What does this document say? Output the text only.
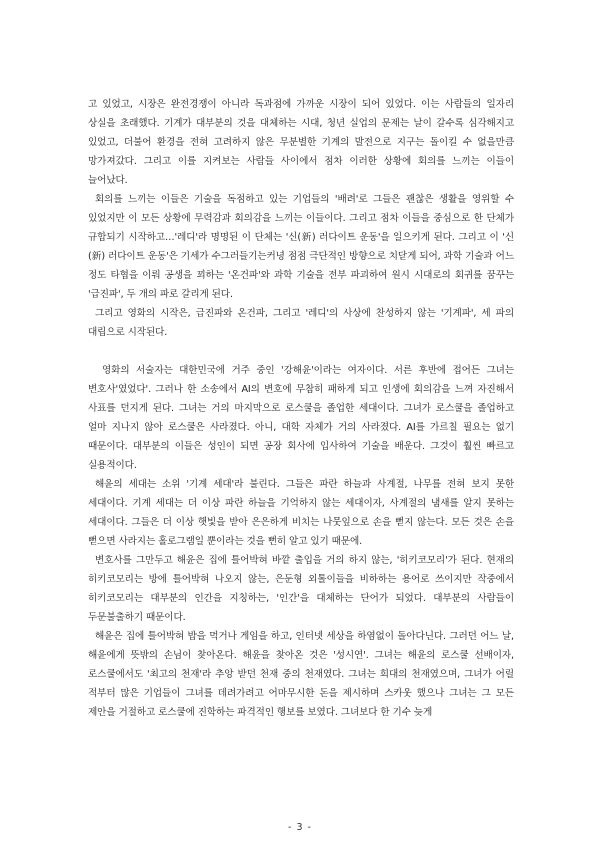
고 있었고, 시장은 완전경쟁이 아니라 독과점에 가까운 시장이 되어 있었다. 이는 사람들의 일자리 상실을 초래했다. 기계가 대부분의 것을 대체하는 시대, 청년 실업의 문제는 날이 갈수록 심각해지고 있었고, 더불어 환경을 전혀 고려하지 않은 무분별한 기계의 발전으로 지구는 돌이킬 수 없을만큼 망가져갔다. 그리고 이를 지켜보는 사람들 사이에서 점차 이러한 상황에 회의를 느끼는 이들이 늘어났다.

회의를 느끼는 이들은 기술을 독점하고 있는 기업들의 '배려'로 그들은 괜찮은 생활을 영위할 수 있었지만 이 모든 상황에 무력감과 회의감을 느끼는 이들이다. 그리고 점차 이들을 중심으로 한 단체가 규합되기 시작하고…'레디'라 명명된 이 단체는 '신(新) 러다이트 운동'을 일으키게 된다. 그리고 이 '신(新) 러다이트 운동'은 기세가 수그러들기는커녕 점점 극단적인 방향으로 치닫게 되어, 과학 기술과 어느 정도 타협을 이뤄 공생을 꾀하는 '온건파'와 과학 기술을 전부 파괴하여 원시 시대로의 회귀를 꿈꾸는 '급진파', 두 개의 파로 갈리게 된다.

그리고 영화의 시작은, 급진파와 온건파, 그리고 '레디'의 사상에 찬성하지 않는 '기계파', 세 파의 대립으로 시작된다.

영화의 서술자는 대한민국에 거주 중인 '강해윤'이라는 여자이다. 서른 후반에 접어든 그녀는 변호사'였었다'. 그러나 한 소송에서 AI의 변호에 무참히 패하게 되고 인생에 회의감을 느껴 자진해서 사표를 던지게 된다. 그녀는 거의 마지막으로 로스쿨을 졸업한 세대이다. 그녀가 로스쿨을 졸업하고 얼마 지나지 않아 로스쿨은 사라졌다. 아니, 대학 자체가 거의 사라졌다. AI를 가르칠 필요는 없기 때문이다. 대부분의 이들은 성인이 되면 공장 회사에 입사하여 기술을 배운다. 그것이 훨씬 빠르고 실용적이다.

해윤의 세대는 소위 '기계 세대'라 불린다. 그들은 파란 하늘과 사계절, 나무를 전혀 보지 못한 세대이다. 기계 세대는 더 이상 파란 하늘을 기억하지 않는 세대이자, 사계절의 냄새를 알지 못하는 세대이다. 그들은 더 이상 햇빛을 받아 은은하게 비치는 나뭇잎으로 손을 뻗지 않는다. 모든 것은 손을 뻗으면 사라지는 홀로그램일 뿐이라는 것을 뻔히 알고 있기 때문에.

변호사를 그만두고 해윤은 집에 틀어박혀 바깥 출입을 거의 하지 않는, '히키코모리'가 된다. 현재의 히키코모리는 방에 틀어박혀 나오지 않는, 은둔형 외톨이들을 비하하는 용어로 쓰이지만 작중에서 히키코모리는 대부분의 인간을 지칭하는, '인간'을 대체하는 단어가 되었다. 대부분의 사람들이 두문불출하기 때문이다.

해윤은 집에 틀어박혀 밥을 먹거나 게임을 하고, 인터넷 세상을 하염없이 돌아다닌다. 그러던 어느 날, 해윤에게 뜻밖의 손님이 찾아온다. 해윤을 찾아온 것은 '성시연'. 그녀는 해윤의 로스쿨 선배이자, 로스쿨에서도 '최고의 천재'라 추앙 받던 천재 중의 천재였다. 그녀는 희대의 천재였으며, 그녀가 어릴 적부터 많은 기업들이 그녀를 데려가려고 어마무시한 돈을 제시하며 스카웃 했으나 그녀는 그 모든 제안을 거절하고 로스쿨에 진학하는 파격적인 행보를 보였다. 그녀보다 한 기수 늦게

- 3 -
